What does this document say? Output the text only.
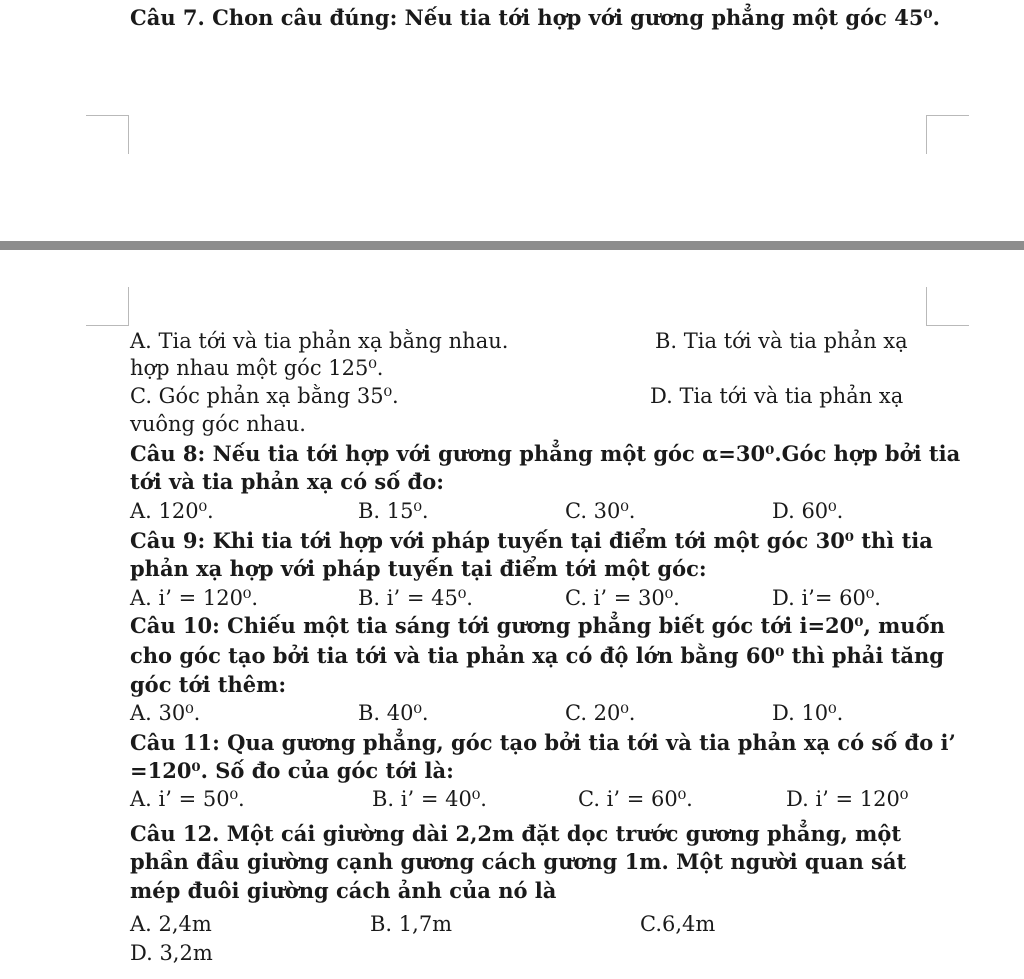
Câu 7. Chon câu đúng: Nếu tia tới hợp với gương phẳng một góc 45⁰.
A. Tia tới và tia phản xạ bằng nhau.	B. Tia tới và tia phản xạ
hợp nhau một góc 125⁰.
C. Góc phản xạ bằng 35⁰.	D. Tia tới và tia phản xạ
vuông góc nhau.
Câu 8: Nếu tia tới hợp với gương phẳng một góc α=30⁰.Góc hợp bởi tia
tới và tia phản xạ có số đo:
A. 120⁰.	B. 15⁰.	C. 30⁰.	D. 60⁰.
Câu 9: Khi tia tới hợp với pháp tuyến tại điểm tới một góc 30⁰ thì tia
phản xạ hợp với pháp tuyến tại điểm tới một góc:
A. i’ = 120⁰.	B. i’ = 45⁰.	C. i’ = 30⁰.	D. i’= 60⁰.
Câu 10: Chiếu một tia sáng tới gương phẳng biết góc tới i=20⁰, muốn
cho góc tạo bởi tia tới và tia phản xạ có độ lớn bằng 60⁰ thì phải tăng
góc tới thêm:
A. 30⁰.	B. 40⁰.	C. 20⁰.	D. 10⁰.
Câu 11: Qua gương phẳng, góc tạo bởi tia tới và tia phản xạ có số đo i’
=120⁰. Số đo của góc tới là:
A. i’ = 50⁰.	B. i’ = 40⁰.	C. i’ = 60⁰.	D. i’ = 120⁰
Câu 12. Một cái giường dài 2,2m đặt dọc trước gương phẳng, một
phần đầu giường cạnh gương cách gương 1m. Một người quan sát
mép đuôi giường cách ảnh của nó là
A. 2,4m	B. 1,7m	C.6,4m
D. 3,2m
